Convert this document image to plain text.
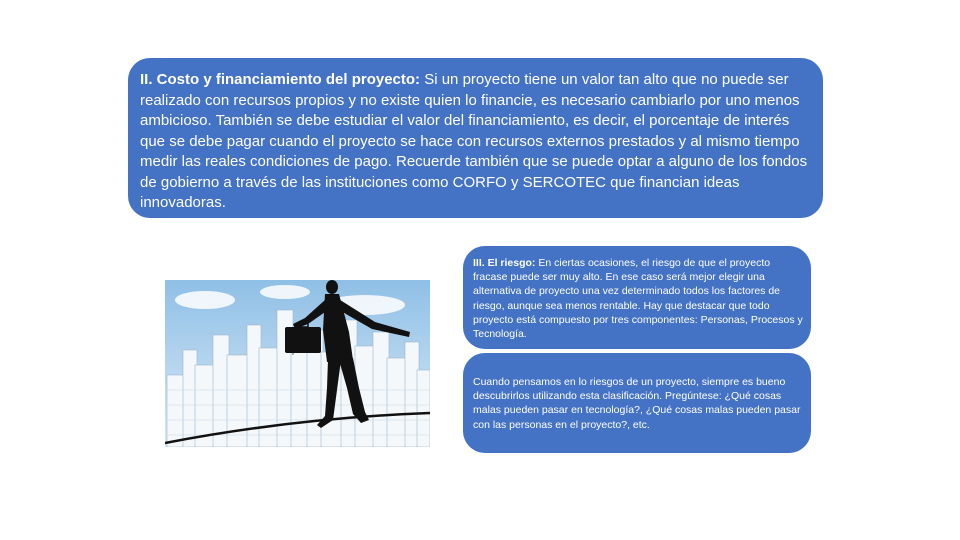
II. Costo y financiamiento del proyecto: Si un proyecto tiene un valor tan alto que no puede ser realizado con recursos propios y no existe quien lo financie, es necesario cambiarlo por uno menos ambicioso. También se debe estudiar el valor del financiamiento, es decir, el porcentaje de interés que se debe pagar cuando el proyecto se hace con recursos externos prestados y al mismo tiempo medir las reales condiciones de pago. Recuerde también que se puede optar a alguno de los fondos de gobierno a través de las instituciones como CORFO y SERCOTEC que financian ideas innovadoras.
III. El riesgo: En ciertas ocasiones, el riesgo de que el proyecto fracase puede ser muy alto. En ese caso será mejor elegir una alternativa de proyecto una vez determinado todos los factores de riesgo, aunque sea menos rentable. Hay que destacar que todo proyecto está compuesto por tres componentes: Personas, Procesos y Tecnología.
Cuando pensamos en lo riesgos de un proyecto, siempre es bueno descubrirlos utilizando esta clasificación. Pregúntese: ¿Qué cosas malas pueden pasar en tecnología?, ¿Qué cosas malas pueden pasar con las personas en el proyecto?, etc.
